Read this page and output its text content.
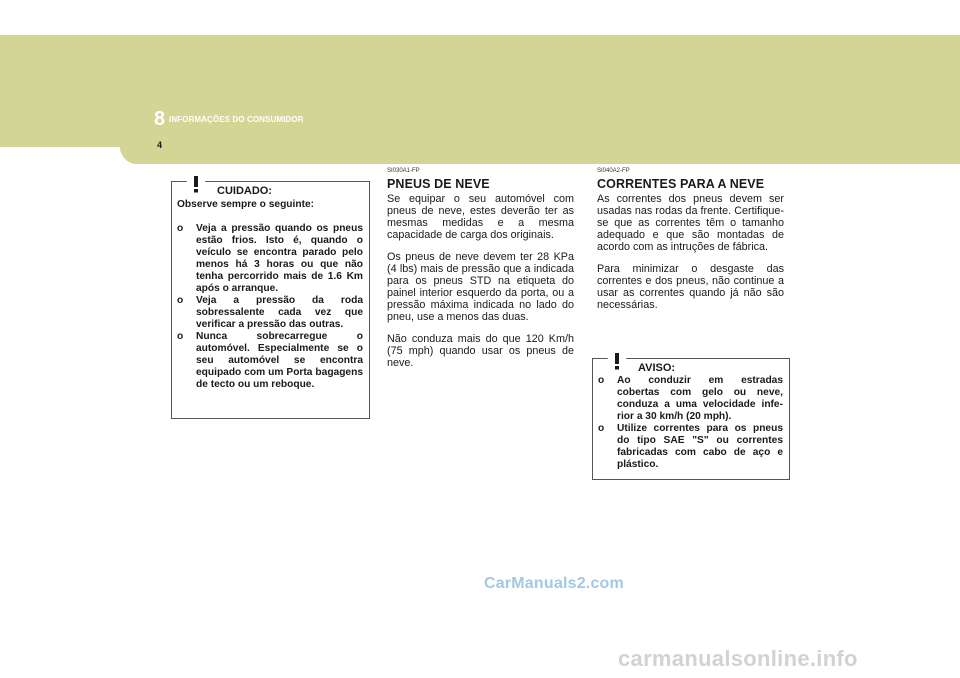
8 INFORMAÇÕES DO CONSUMIDOR
4
CUIDADO:
Observe sempre o seguinte:
o Veja a pressão quando os pneus estão frios. Isto é, quando o veículo se encontra parado pelo menos há 3 horas ou que não tenha percorrido mais de 1.6 Km após o arranque.
o Veja a pressão da roda sobressalente cada vez que verificar a pressão das outras.
o Nunca sobrecarregue o automóvel. Especialmente se o seu automóvel se encontra equipado com um Porta bagagens de tecto ou um reboque.
SI030A1-FP
PNEUS DE NEVE

Se equipar o seu automóvel com pneus de neve, estes deverão ter as mesmas medidas e a mesma capacidade de carga dos originais.

Os pneus de neve devem ter 28 KPa (4 lbs) mais de pressão que a indicada para os pneus STD na etiqueta do painel interior esquerdo da porta, ou a pressão máxima indicada no lado do pneu, use a menos das duas.

Não conduza mais do que 120 Km/h (75 mph) quando usar os pneus de neve.

SI040A2-FP
CORRENTES PARA A NEVE

As correntes dos pneus devem ser usadas nas rodas da frente. Certifique-se que as correntes têm o tamanho adequado e que são montadas de acordo com as intruções de fábrica.

Para minimizar o desgaste das correntes e dos pneus, não continue a usar as correntes quando já não são necessárias.

AVISO:
o Ao conduzir em estradas cobertas com gelo ou neve, conduza a uma velocidade infe-rior a 30 km/h (20 mph).
o Utilize correntes para os pneus do tipo SAE "S" ou correntes fabricadas com cabo de aço e plástico.
CarManuals2.com
carmanualsonline.info
